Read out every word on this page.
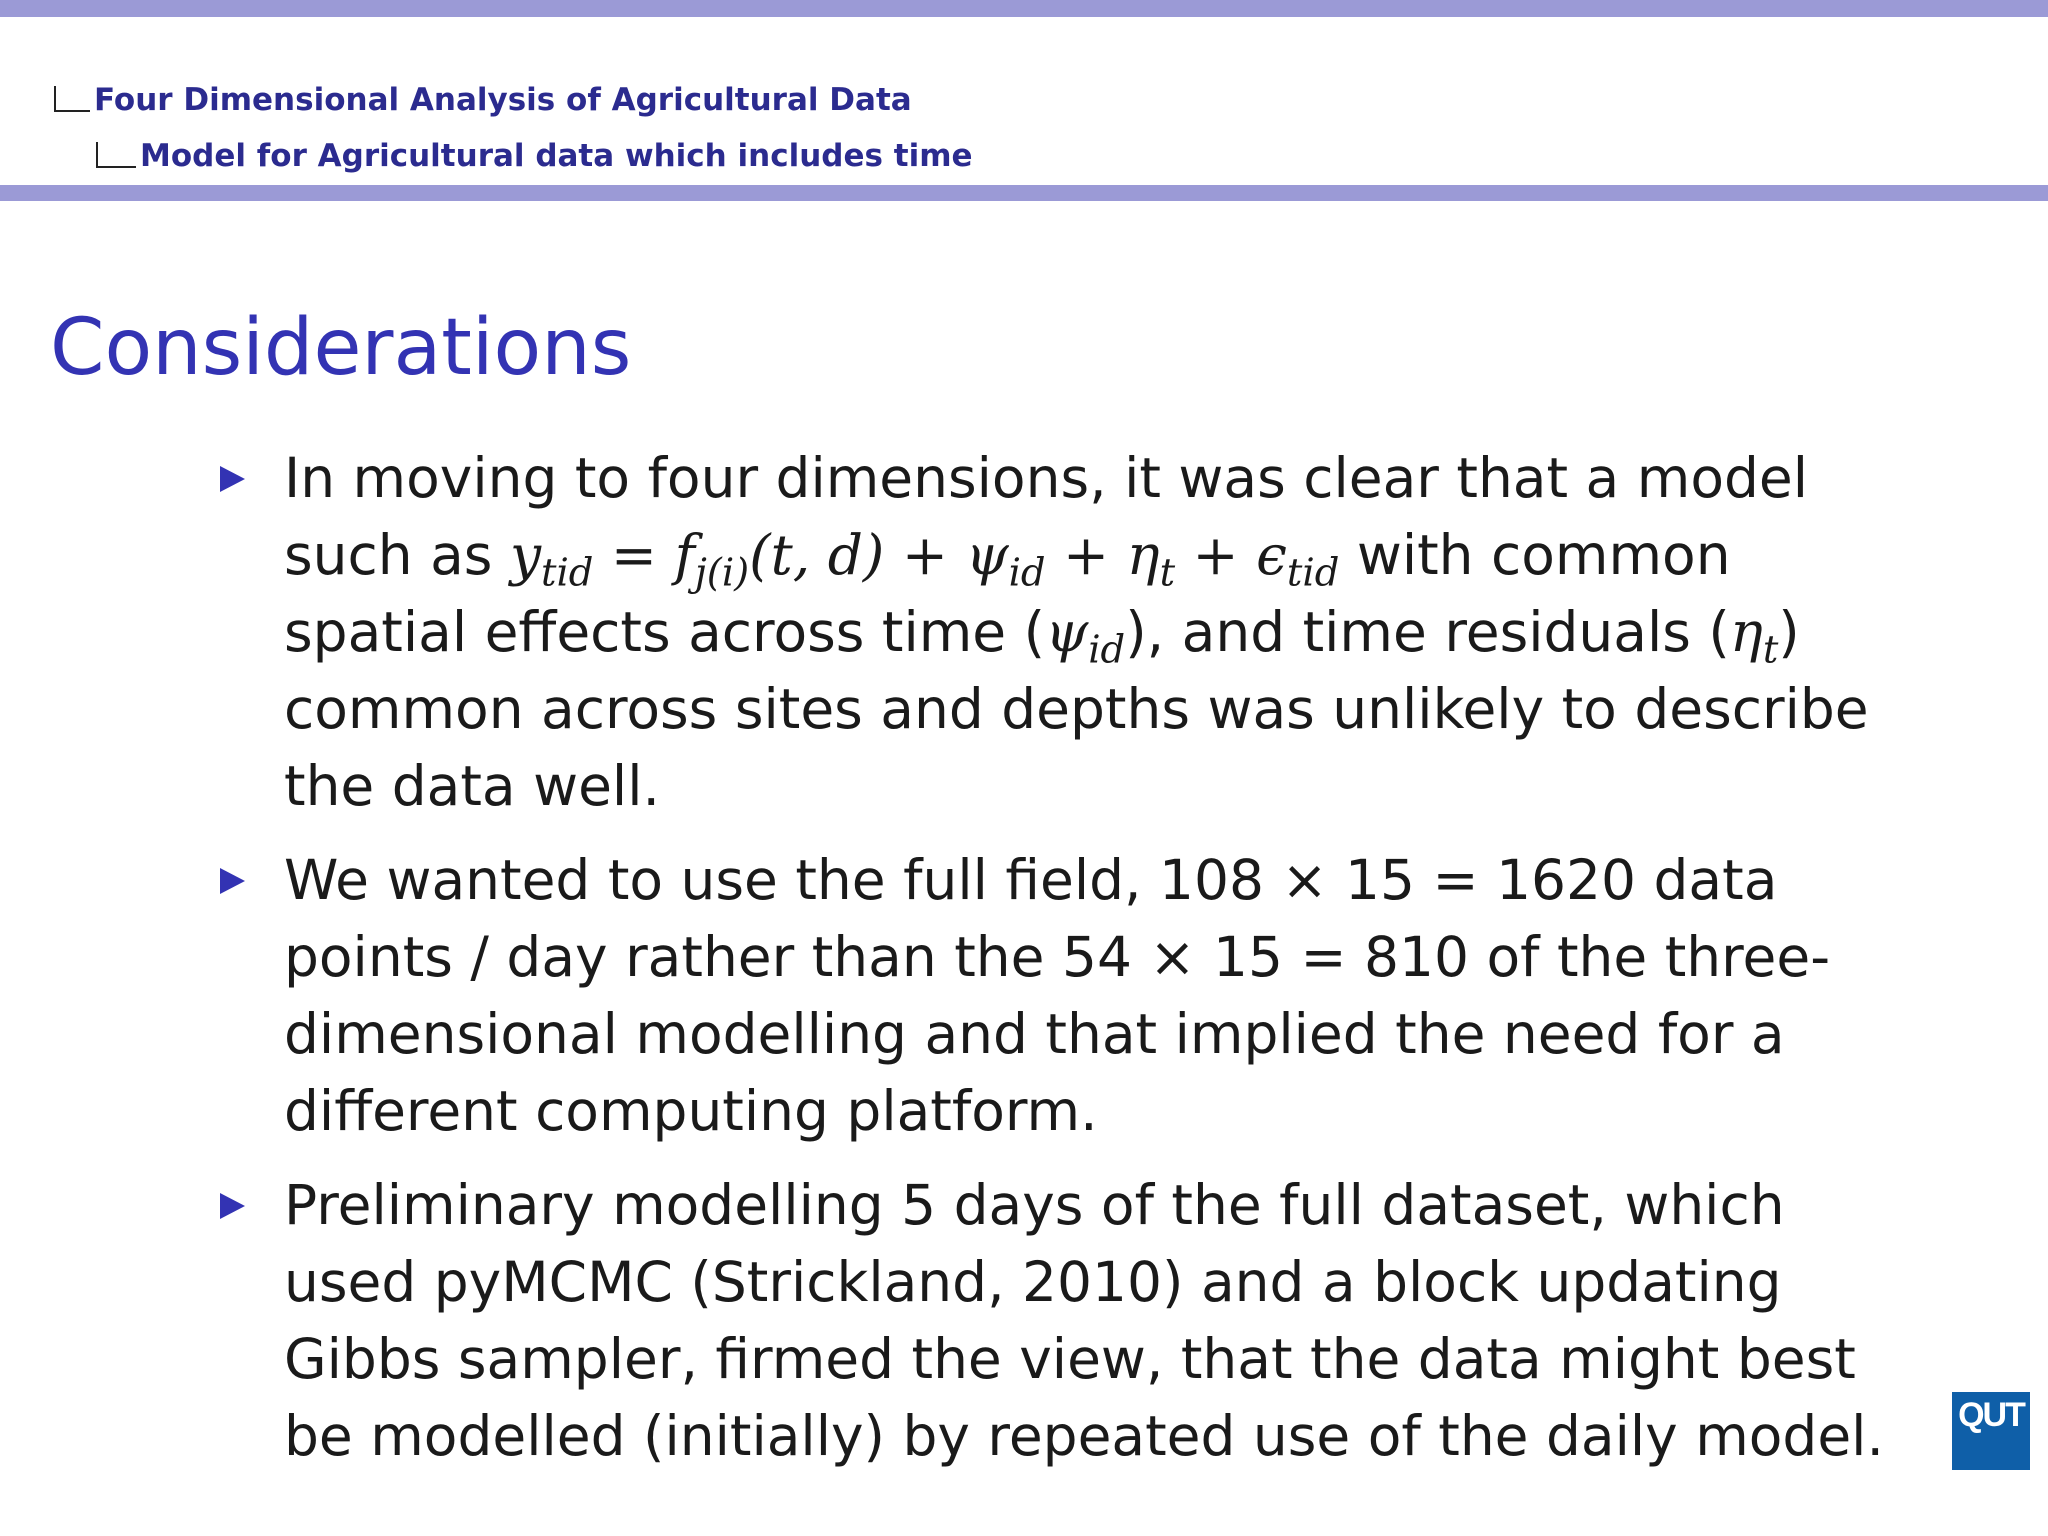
Four Dimensional Analysis of Agricultural Data
Model for Agricultural data which includes time
Considerations
In moving to four dimensions, it was clear that a model such as $y_{tid} = f_{j(i)}(t$, $d) + \psi_{id} + \eta_t + \epsilon_{tid}$ with common spatial effects across time $(\psi_{id})$, and time residuals $(\eta_t)$ common across sites and depths was unlikely to describe the data well.
We wanted to use the full field, 108 × 15 = 1620 data points / day rather than the 54 × 15 = 810 of the three-dimensional modelling and that implied the need for a different computing platform.
Preliminary modelling 5 days of the full dataset, which used pyMCMC (Strickland, 2010) and a block updating Gibbs sampler, firmed the view, that the data might best be modelled (initially) by repeated use of the daily model.	QUT
